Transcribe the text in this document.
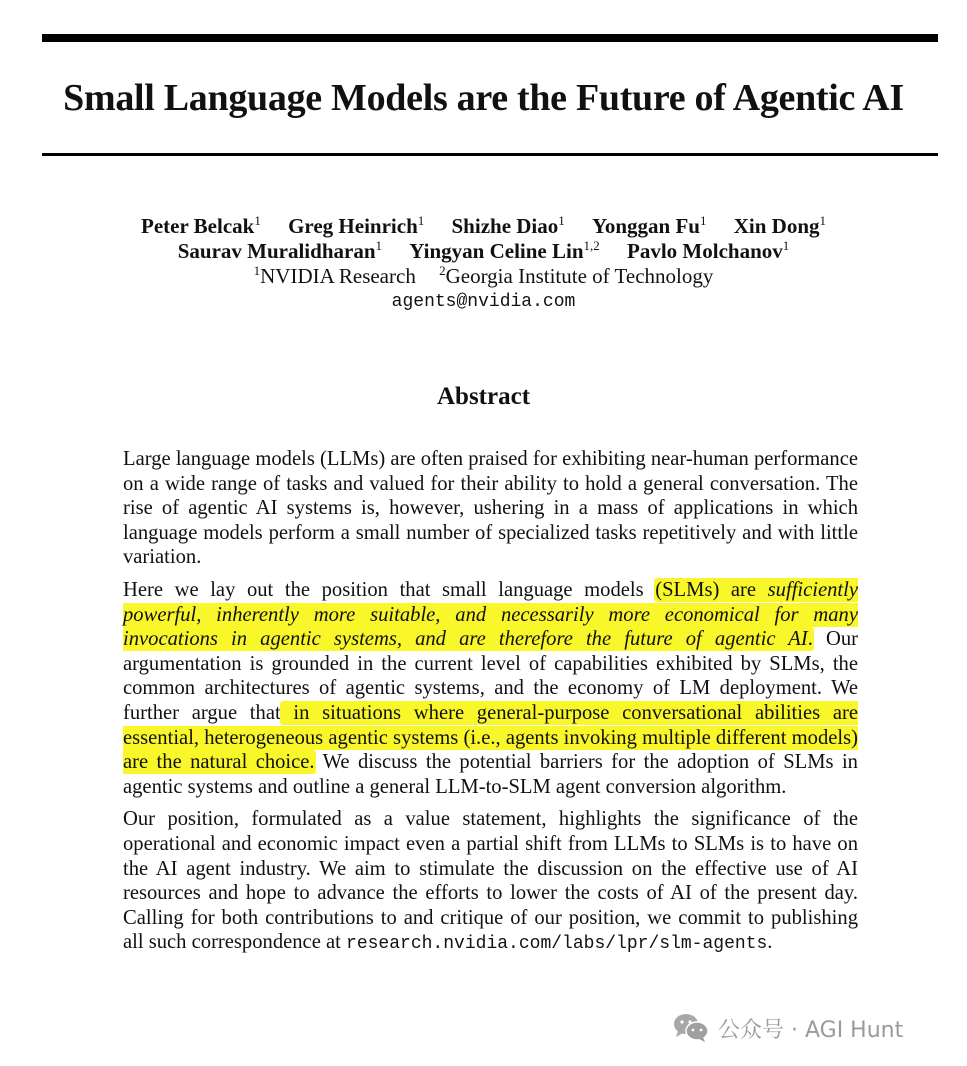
Small Language Models are the Future of Agentic AI
Peter Belcak$^1$ Greg Heinrich$^1$ Shizhe Diao$^1$ Yonggan Fu$^1$ Xin Dong$^1$
Saurav Muralidharan$^1$ Yingyan Celine Lin$^{1,2}$ Pavlo Molchanov$^1$
$^1$NVIDIA Research $^2$Georgia Institute of Technology
agents@nvidia.com
Abstract

Large language models (LLMs) are often praised for exhibiting near-human performance on a wide range of tasks and valued for their ability to hold a general conversation. The rise of agentic AI systems is, however, ushering in a mass of applications in which language models perform a small number of specialized tasks repetitively and with little variation.

Here we lay out the position that small language models (SLMs) are sufficiently powerful, inherently more suitable, and necessarily more economical for many invocations in agentic systems, and are therefore the future of agentic AI. Our argumentation is grounded in the current level of capabilities exhibited by SLMs, the common architectures of agentic systems, and the economy of LM deployment. We further argue that in situations where general-purpose conversational abilities are essential, heterogeneous agentic systems (i.e., agents invoking multiple different models) are the natural choice. We discuss the potential barriers for the adoption of SLMs in agentic systems and outline a general LLM-to-SLM agent conversion algorithm.

Our position, formulated as a value statement, highlights the significance of the operational and economic impact even a partial shift from LLMs to SLMs is to have on the AI agent industry. We aim to stimulate the discussion on the effective use of AI resources and hope to advance the efforts to lower the costs of AI of the present day. Calling for both contributions to and critique of our position, we commit to publishing all such correspondence at research.nvidia.com/labs/lpr/slm-agents.

公众号 · AGI Hunt
